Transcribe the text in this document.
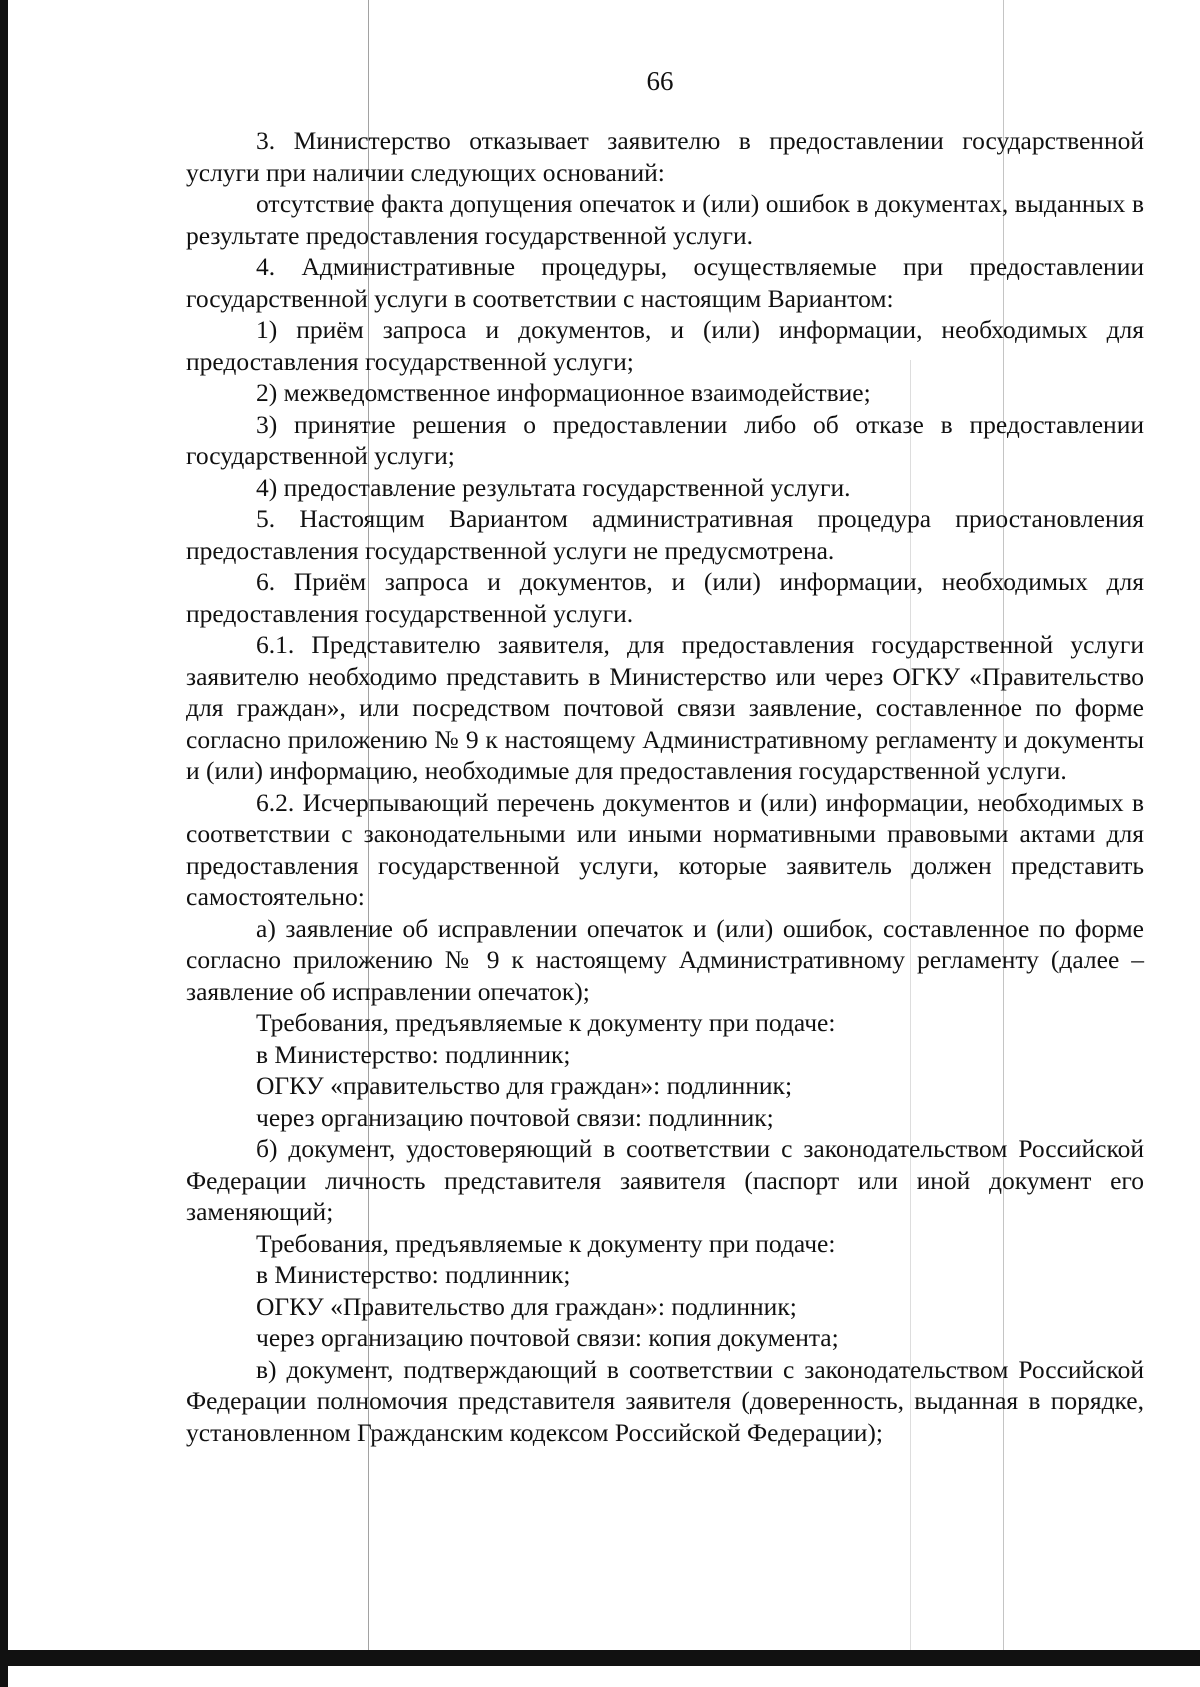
66

3. Министерство отказывает заявителю в предоставлении государственной услуги при наличии следующих оснований:

отсутствие факта допущения опечаток и (или) ошибок в документах, выданных в результате предоставления государственной услуги.

4. Административные процедуры, осуществляемые при предоставлении государственной услуги в соответствии с настоящим Вариантом:

1) приём запроса и документов, и (или) информации, необходимых для предоставления государственной услуги;

2) межведомственное информационное взаимодействие;

3) принятие решения о предоставлении либо об отказе в предоставлении государственной услуги;

4) предоставление результата государственной услуги.

5. Настоящим Вариантом административная процедура приостановления предоставления государственной услуги не предусмотрена.

6. Приём запроса и документов, и (или) информации, необходимых для предоставления государственной услуги.

6.1. Представителю заявителя, для предоставления государственной услуги заявителю необходимо представить в Министерство или через ОГКУ «Правительство для граждан», или посредством почтовой связи заявление, составленное по форме согласно приложению № 9 к настоящему Административному регламенту и документы и (или) информацию, необходимые для предоставления государственной услуги.

6.2. Исчерпывающий перечень документов и (или) информации, необходимых в соответствии с законодательными или иными нормативными правовыми актами для предоставления государственной услуги, которые заявитель должен представить самостоятельно:

а) заявление об исправлении опечаток и (или) ошибок, составленное по форме согласно приложению № 9 к настоящему Административному регламенту (далее – заявление об исправлении опечаток);

Требования, предъявляемые к документу при подаче:

в Министерство: подлинник;

ОГКУ «правительство для граждан»: подлинник;

через организацию почтовой связи: подлинник;

б) документ, удостоверяющий в соответствии с законодательством Российской Федерации личность представителя заявителя (паспорт или иной документ его заменяющий;

Требования, предъявляемые к документу при подаче:

в Министерство: подлинник;

ОГКУ «Правительство для граждан»: подлинник;

через организацию почтовой связи: копия документа;

в) документ, подтверждающий в соответствии с законодательством Российской Федерации полномочия представителя заявителя (доверенность, выданная в порядке, установленном Гражданским кодексом Российской Федерации);
